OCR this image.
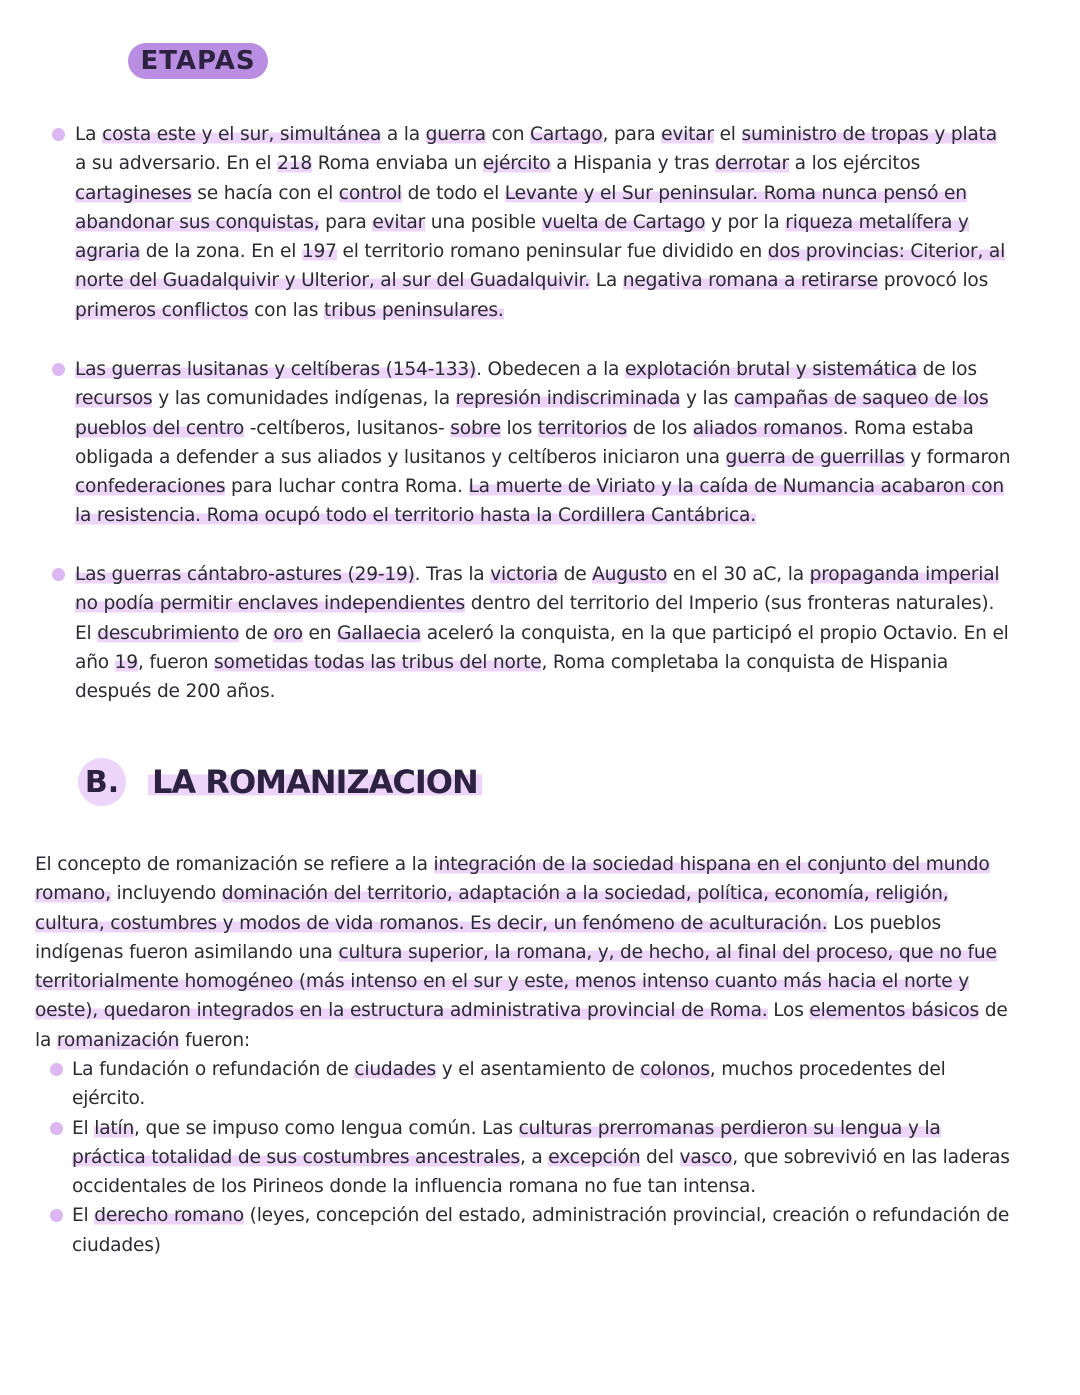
ETAPAS

La costa este y el sur, simultánea a la guerra con Cartago, para evitar el suministro de tropas y plata a su adversario. En el 218 Roma enviaba un ejército a Hispania y tras derrotar a los ejércitos cartagineses se hacía con el control de todo el Levante y el Sur peninsular. Roma nunca pensó en abandonar sus conquistas, para evitar una posible vuelta de Cartago y por la riqueza metalífera y agraria de la zona. En el 197 el territorio romano peninsular fue dividido en dos provincias: Citerior, al norte del Guadalquivir y Ulterior, al sur del Guadalquivir. La negativa romana a retirarse provocó los primeros conflictos con las tribus peninsulares.

Las guerras lusitanas y celtíberas (154-133). Obedecen a la explotación brutal y sistemática de los recursos y las comunidades indígenas, la represión indiscriminada y las campañas de saqueo de los pueblos del centro -celtíberos, lusitanos- sobre los territorios de los aliados romanos. Roma estaba obligada a defender a sus aliados y lusitanos y celtíberos iniciaron una guerra de guerrillas y formaron confederaciones para luchar contra Roma. La muerte de Viriato y la caída de Numancia acabaron con la resistencia. Roma ocupó todo el territorio hasta la Cordillera Cantábrica.

Las guerras cántabro-astures (29-19). Tras la victoria de Augusto en el 30 aC, la propaganda imperial no podía permitir enclaves independientes dentro del territorio del Imperio (sus fronteras naturales). El descubrimiento de oro en Gallaecia aceleró la conquista, en la que participó el propio Octavio. En el año 19, fueron sometidas todas las tribus del norte, Roma completaba la conquista de Hispania después de 200 años.

B. LA ROMANIZACION

El concepto de romanización se refiere a la integración de la sociedad hispana en el conjunto del mundo romano, incluyendo dominación del territorio, adaptación a la sociedad, política, economía, religión, cultura, costumbres y modos de vida romanos. Es decir, un fenómeno de aculturación. Los pueblos indígenas fueron asimilando una cultura superior, la romana, y, de hecho, al final del proceso, que no fue territorialmente homogéneo (más intenso en el sur y este, menos intenso cuanto más hacia el norte y oeste), quedaron integrados en la estructura administrativa provincial de Roma. Los elementos básicos de la romanización fueron:

La fundación o refundación de ciudades y el asentamiento de colonos, muchos procedentes del ejército.

El latín, que se impuso como lengua común. Las culturas prerromanas perdieron su lengua y la práctica totalidad de sus costumbres ancestrales, a excepción del vasco, que sobrevivió en las laderas occidentales de los Pirineos donde la influencia romana no fue tan intensa.

El derecho romano (leyes, concepción del estado, administración provincial, creación o refundación de ciudades)
